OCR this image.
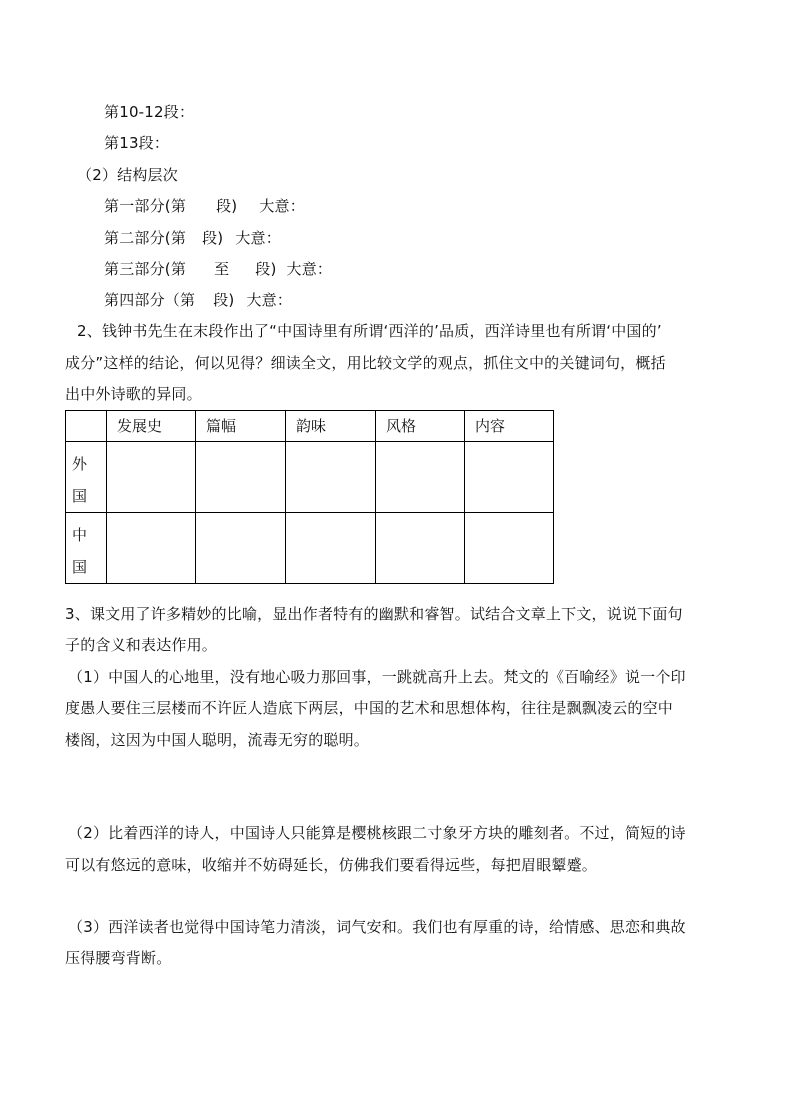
第10-12段：
第13段：
（2）结构层次
第一部分(第 段) 大意：
第二部分(第 段) 大意：
第三部分(第 至 段) 大意：
第四部分（第 段) 大意：
2、钱钟书先生在末段作出了“中国诗里有所谓‘西洋的’品质，西洋诗里也有所谓‘中国的’
成分”这样的结论，何以见得？细读全文，用比较文学的观点，抓住文中的关键词句，概括
出中外诗歌的异同。

	发展史	篇幅	韵味	风格	内容

外
国					

中
国					

3、课文用了许多精妙的比喻，显出作者特有的幽默和睿智。试结合文章上下文，说说下面句
子的含义和表达作用。
（1）中国人的心地里，没有地心吸力那回事，一跳就高升上去。梵文的《百喻经》说一个印
度愚人要住三层楼而不许匠人造底下两层，中国的艺术和思想体构，往往是飘飘凌云的空中
楼阁，这因为中国人聪明，流毒无穷的聪明。
（2）比着西洋的诗人，中国诗人只能算是樱桃核跟二寸象牙方块的雕刻者。不过，简短的诗
可以有悠远的意味，收缩并不妨碍延长，仿佛我们要看得远些，每把眉眼颦蹙。
（3）西洋读者也觉得中国诗笔力清淡，词气安和。我们也有厚重的诗，给情感、思恋和典故
压得腰弯背断。
